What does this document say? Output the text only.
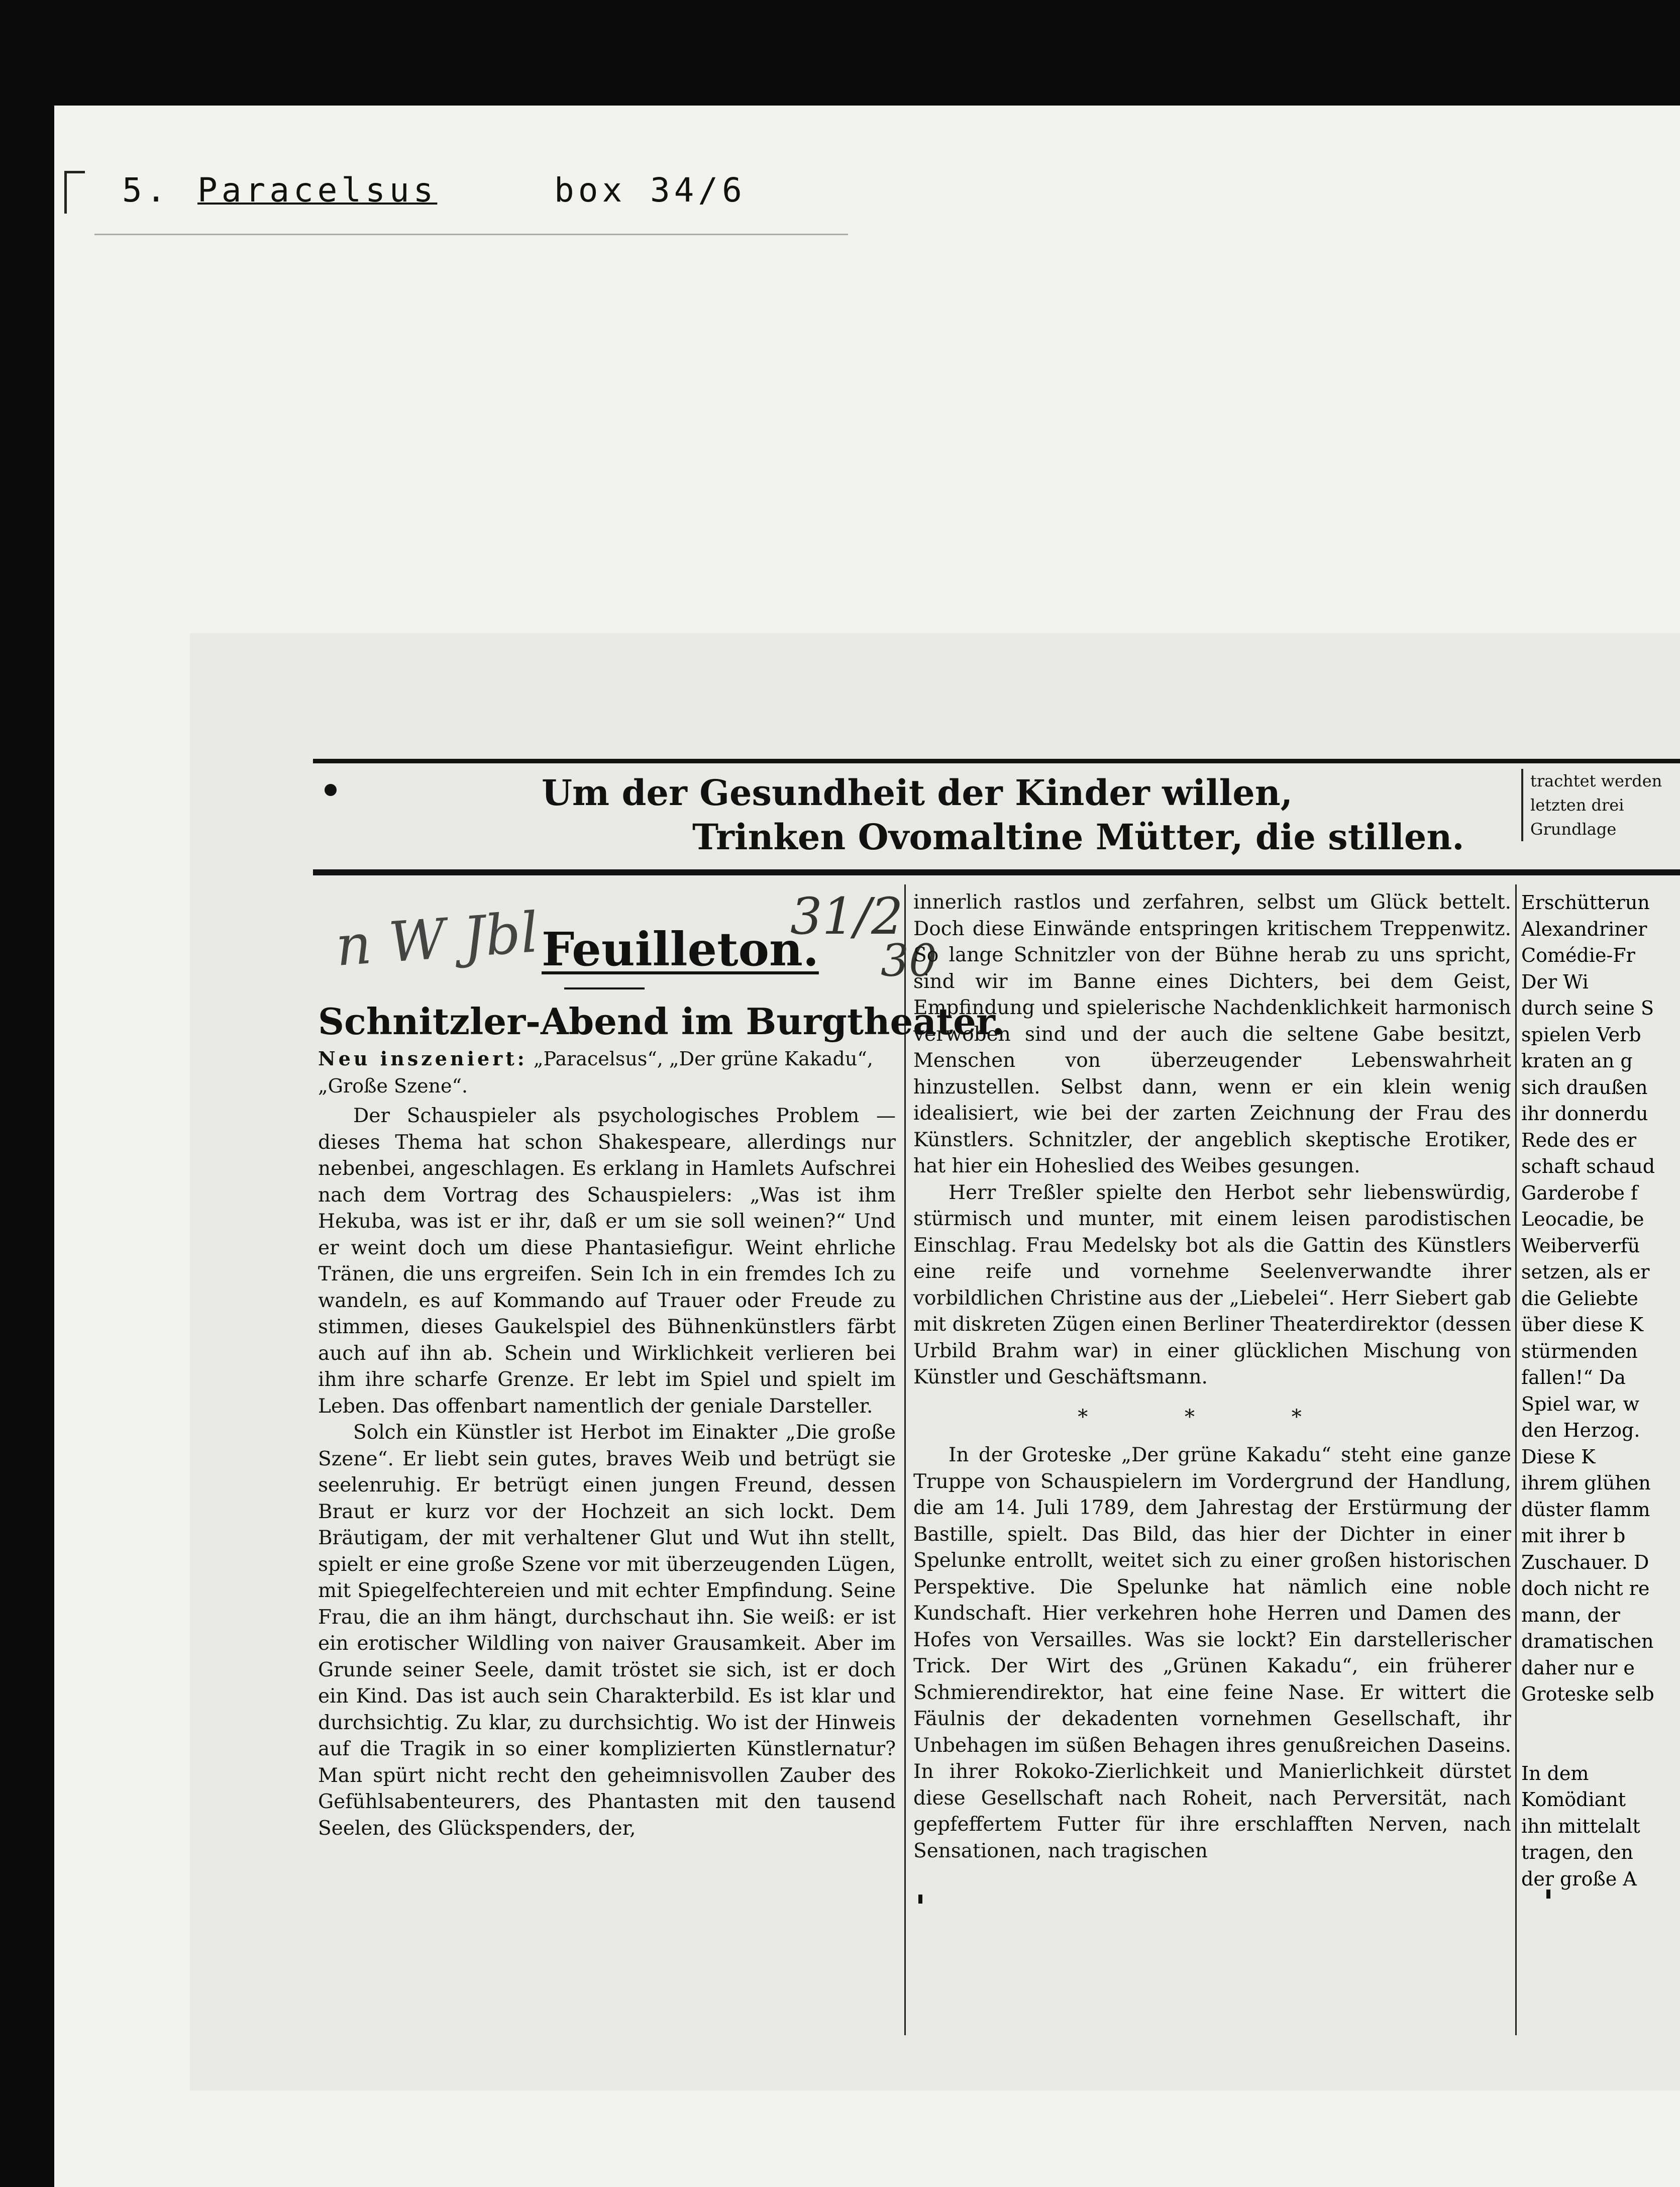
5. Paracelsus	box 34/6
Um der Gesundheit der Kinder willen,
Trinken Ovomaltine Mütter, die stillen.
trachtet werden
letzten drei
Grundlage
n W Jbl	31/2
30
Feuilleton.
Schnitzler-Abend im Burgtheater.
Neu inszeniert: „Paracelsus“, „Der grüne Kakadu“, „Große Szene“.

Der Schauspieler als psychologisches Problem — dieses Thema hat schon Shakespeare, allerdings nur nebenbei, angeschlagen. Es erklang in Hamlets Aufschrei nach dem Vortrag des Schauspielers: „Was ist ihm Hekuba, was ist er ihr, daß er um sie soll weinen?“ Und er weint doch um diese Phantasiefigur. Weint ehrliche Tränen, die uns ergreifen. Sein Ich in ein fremdes Ich zu wandeln, es auf Kommando auf Trauer oder Freude zu stimmen, dieses Gaukelspiel des Bühnenkünstlers färbt auch auf ihn ab. Schein und Wirklichkeit verlieren bei ihm ihre scharfe Grenze. Er lebt im Spiel und spielt im Leben. Das offenbart namentlich der geniale Darsteller.

Solch ein Künstler ist Herbot im Einakter „Die große Szene“. Er liebt sein gutes, braves Weib und betrügt sie seelenruhig. Er betrügt einen jungen Freund, dessen Braut er kurz vor der Hochzeit an sich lockt. Dem Bräutigam, der mit verhaltener Glut und Wut ihn stellt, spielt er eine große Szene vor mit überzeugenden Lügen, mit Spiegelfechtereien und mit echter Empfindung. Seine Frau, die an ihm hängt, durchschaut ihn. Sie weiß: er ist ein erotischer Wildling von naiver Grausamkeit. Aber im Grunde seiner Seele, damit tröstet sie sich, ist er doch ein Kind. Das ist auch sein Charakterbild. Es ist klar und durchsichtig. Zu klar, zu durchsichtig. Wo ist der Hinweis auf die Tragik in so einer komplizierten Künstlernatur? Man spürt nicht recht den geheimnisvollen Zauber des Gefühlsabenteurers, des Phantasten mit den tausend Seelen, des Glückspenders, der,

innerlich rastlos und zerfahren, selbst um Glück bettelt. Doch diese Einwände entspringen kritischem Treppenwitz. So lange Schnitzler von der Bühne herab zu uns spricht, sind wir im Banne eines Dichters, bei dem Geist, Empfindung und spielerische Nachdenklichkeit harmonisch verwoben sind und der auch die seltene Gabe besitzt, Menschen von überzeugender Lebenswahrheit hinzustellen. Selbst dann, wenn er ein klein wenig idealisiert, wie bei der zarten Zeichnung der Frau des Künstlers. Schnitzler, der angeblich skeptische Erotiker, hat hier ein Hoheslied des Weibes gesungen.

Herr Treßler spielte den Herbot sehr liebenswürdig, stürmisch und munter, mit einem leisen parodistischen Einschlag. Frau Medelsky bot als die Gattin des Künstlers eine reife und vornehme Seelenverwandte ihrer vorbildlichen Christine aus der „Liebelei“. Herr Siebert gab mit diskreten Zügen einen Berliner Theaterdirektor (dessen Urbild Brahm war) in einer glücklichen Mischung von Künstler und Geschäftsmann.

* * *

In der Groteske „Der grüne Kakadu“ steht eine ganze Truppe von Schauspielern im Vordergrund der Handlung, die am 14. Juli 1789, dem Jahrestag der Erstürmung der Bastille, spielt. Das Bild, das hier der Dichter in einer Spelunke entrollt, weitet sich zu einer großen historischen Perspektive. Die Spelunke hat nämlich eine noble Kundschaft. Hier verkehren hohe Herren und Damen des Hofes von Versailles. Was sie lockt? Ein darstellerischer Trick. Der Wirt des „Grünen Kakadu“, ein früherer Schmierendirektor, hat eine feine Nase. Er wittert die Fäulnis der dekadenten vornehmen Gesellschaft, ihr Unbehagen im süßen Behagen ihres genußreichen Daseins. In ihrer Rokoko-Zierlichkeit und Manierlichkeit dürstet diese Gesellschaft nach Roheit, nach Perversität, nach gepfeffertem Futter für ihre erschlafften Nerven, nach Sensationen, nach tragischen

Erschütterun
Alexandriner
Comédie-Fr
Der Wi
durch seine S
spielen Verb
kraten an g
sich draußen
ihr donnerdu
Rede des er
schaft schaud
Garderobe f
Leocadie, be
Weiberverfü
setzen, als er
die Geliebte
über diese K
stürmenden
fallen!“ Da
Spiel war, w
den Herzog.
Diese K
ihrem glühen
düster flamm
mit ihrer b
Zuschauer. D
doch nicht re
mann, der
dramatischen
daher nur e
Groteske selb

In dem
Komödiant
ihn mittelalt
tragen, den
der große A
